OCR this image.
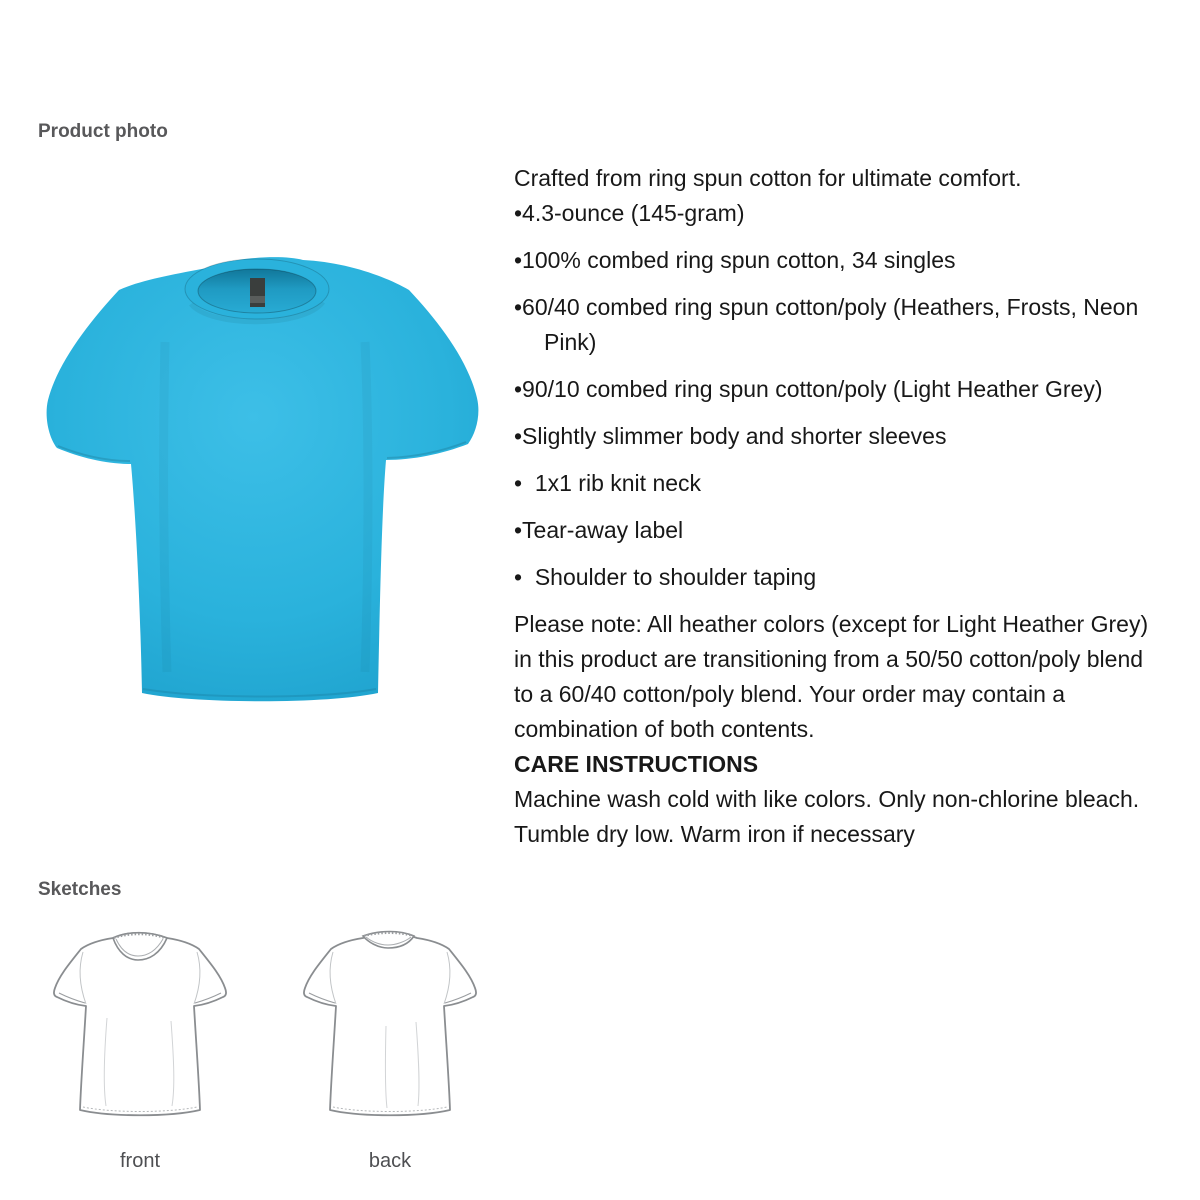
Product photo

Crafted from ring spun cotton for ultimate comfort.

•4.3-ounce (145-gram)
•100% combed ring spun cotton, 34 singles
•60/40 combed ring spun cotton/poly (Heathers, Frosts, Neon Pink)
•90/10 combed ring spun cotton/poly (Light Heather Grey)
•Slightly slimmer body and shorter sleeves
•  1x1 rib knit neck
•Tear-away label
•  Shoulder to shoulder taping

Please note: All heather colors (except for Light Heather Grey) in this product are transitioning from a 50/50 cotton/poly blend to a 60/40 cotton/poly blend. Your order may contain a combination of both contents.

CARE INSTRUCTIONS

Machine wash cold with like colors. Only non-chlorine bleach. Tumble dry low. Warm iron if necessary

Sketches
front	back
